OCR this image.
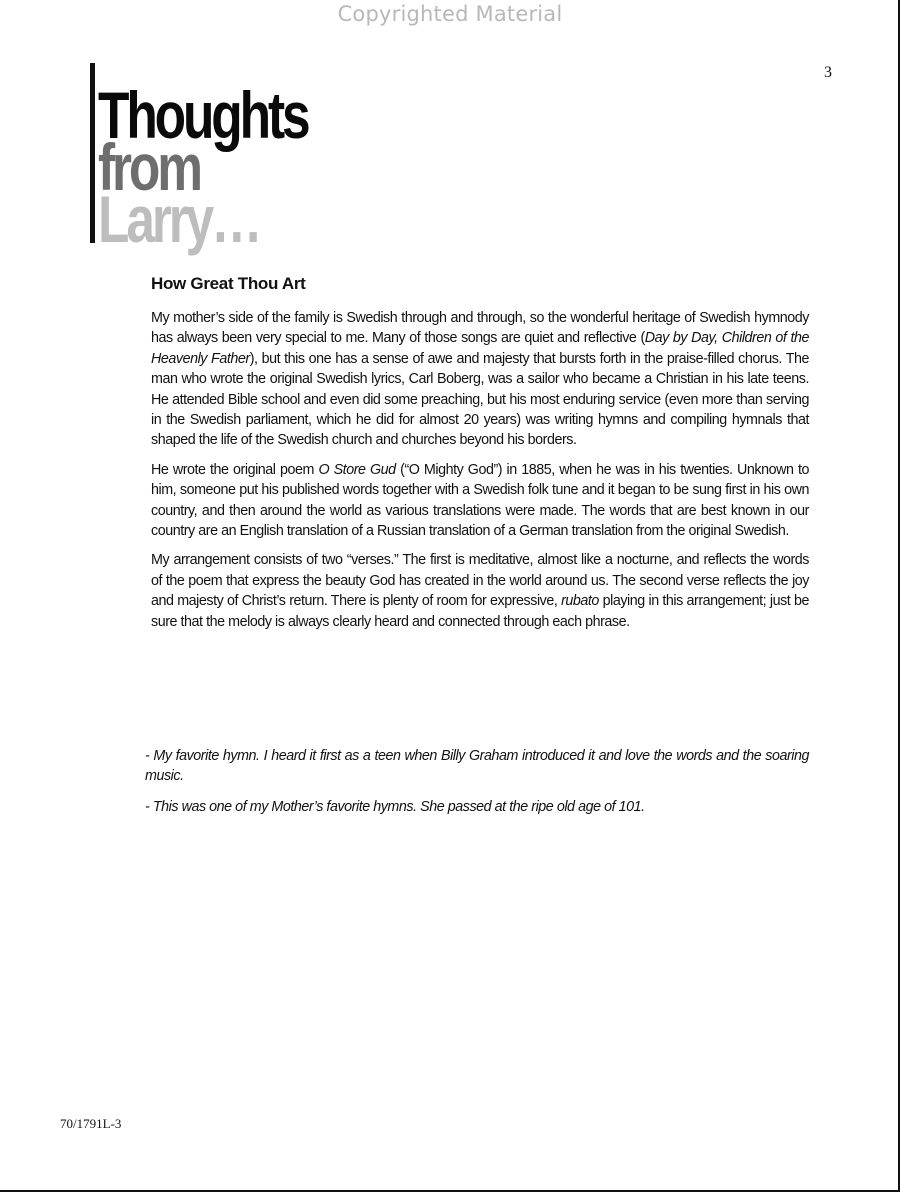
Copyrighted Material
3
Thoughts
from
Larry…
How Great Thou Art

My mother’s side of the family is Swedish through and through, so the wonderful heritage of Swedish hymnody has always been very special to me. Many of those songs are quiet and reflective (Day by Day, Children of the Heavenly Father), but this one has a sense of awe and majesty that bursts forth in the praise-filled chorus. The man who wrote the original Swedish lyrics, Carl Boberg, was a sailor who became a Christian in his late teens. He attended Bible school and even did some preaching, but his most enduring service (even more than serving in the Swedish parliament, which he did for almost 20 years) was writing hymns and compiling hymnals that shaped the life of the Swedish church and churches beyond his borders.

He wrote the original poem O Store Gud (“O Mighty God”) in 1885, when he was in his twenties. Unknown to him, someone put his published words together with a Swedish folk tune and it began to be sung first in his own country, and then around the world as various translations were made. The words that are best known in our country are an English translation of a Russian translation of a German translation from the original Swedish.

My arrangement consists of two “verses.” The first is meditative, almost like a nocturne, and reflects the words of the poem that express the beauty God has created in the world around us. The second verse reflects the joy and majesty of Christ’s return. There is plenty of room for expressive, rubato playing in this arrangement; just be sure that the melody is always clearly heard and connected through each phrase.

- My favorite hymn. I heard it first as a teen when Billy Graham introduced it and love the words and the soaring music.

- This was one of my Mother’s favorite hymns. She passed at the ripe old age of 101.

70/1791L-3
